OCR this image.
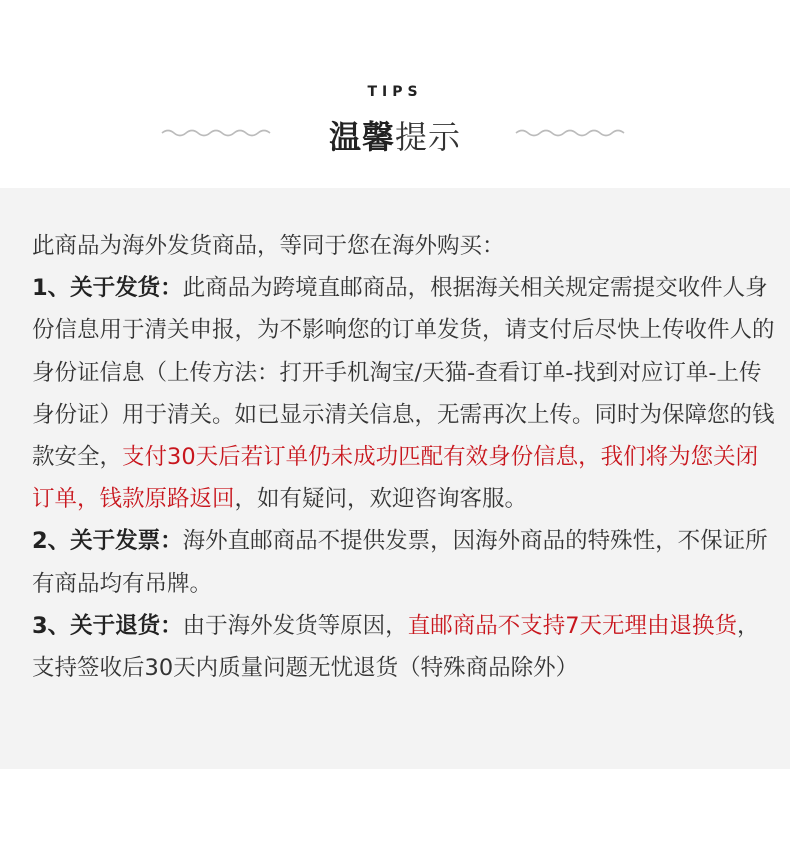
TIPS
温馨提示

此商品为海外发货商品，等同于您在海外购买：

1、关于发货：此商品为跨境直邮商品，根据海关相关规定需提交收件人身份信息用于清关申报，为不影响您的订单发货，请支付后尽快上传收件人的身份证信息（上传方法：打开手机淘宝/天猫-查看订单-找到对应订单-上传身份证）用于清关。如已显示清关信息，无需再次上传。同时为保障您的钱款安全，支付30天后若订单仍未成功匹配有效身份信息，我们将为您关闭订单，钱款原路返回，如有疑问，欢迎咨询客服。

2、关于发票：海外直邮商品不提供发票，因海外商品的特殊性，不保证所有商品均有吊牌。

3、关于退货：由于海外发货等原因，直邮商品不支持7天无理由退换货，支持签收后30天内质量问题无忧退货（特殊商品除外）
